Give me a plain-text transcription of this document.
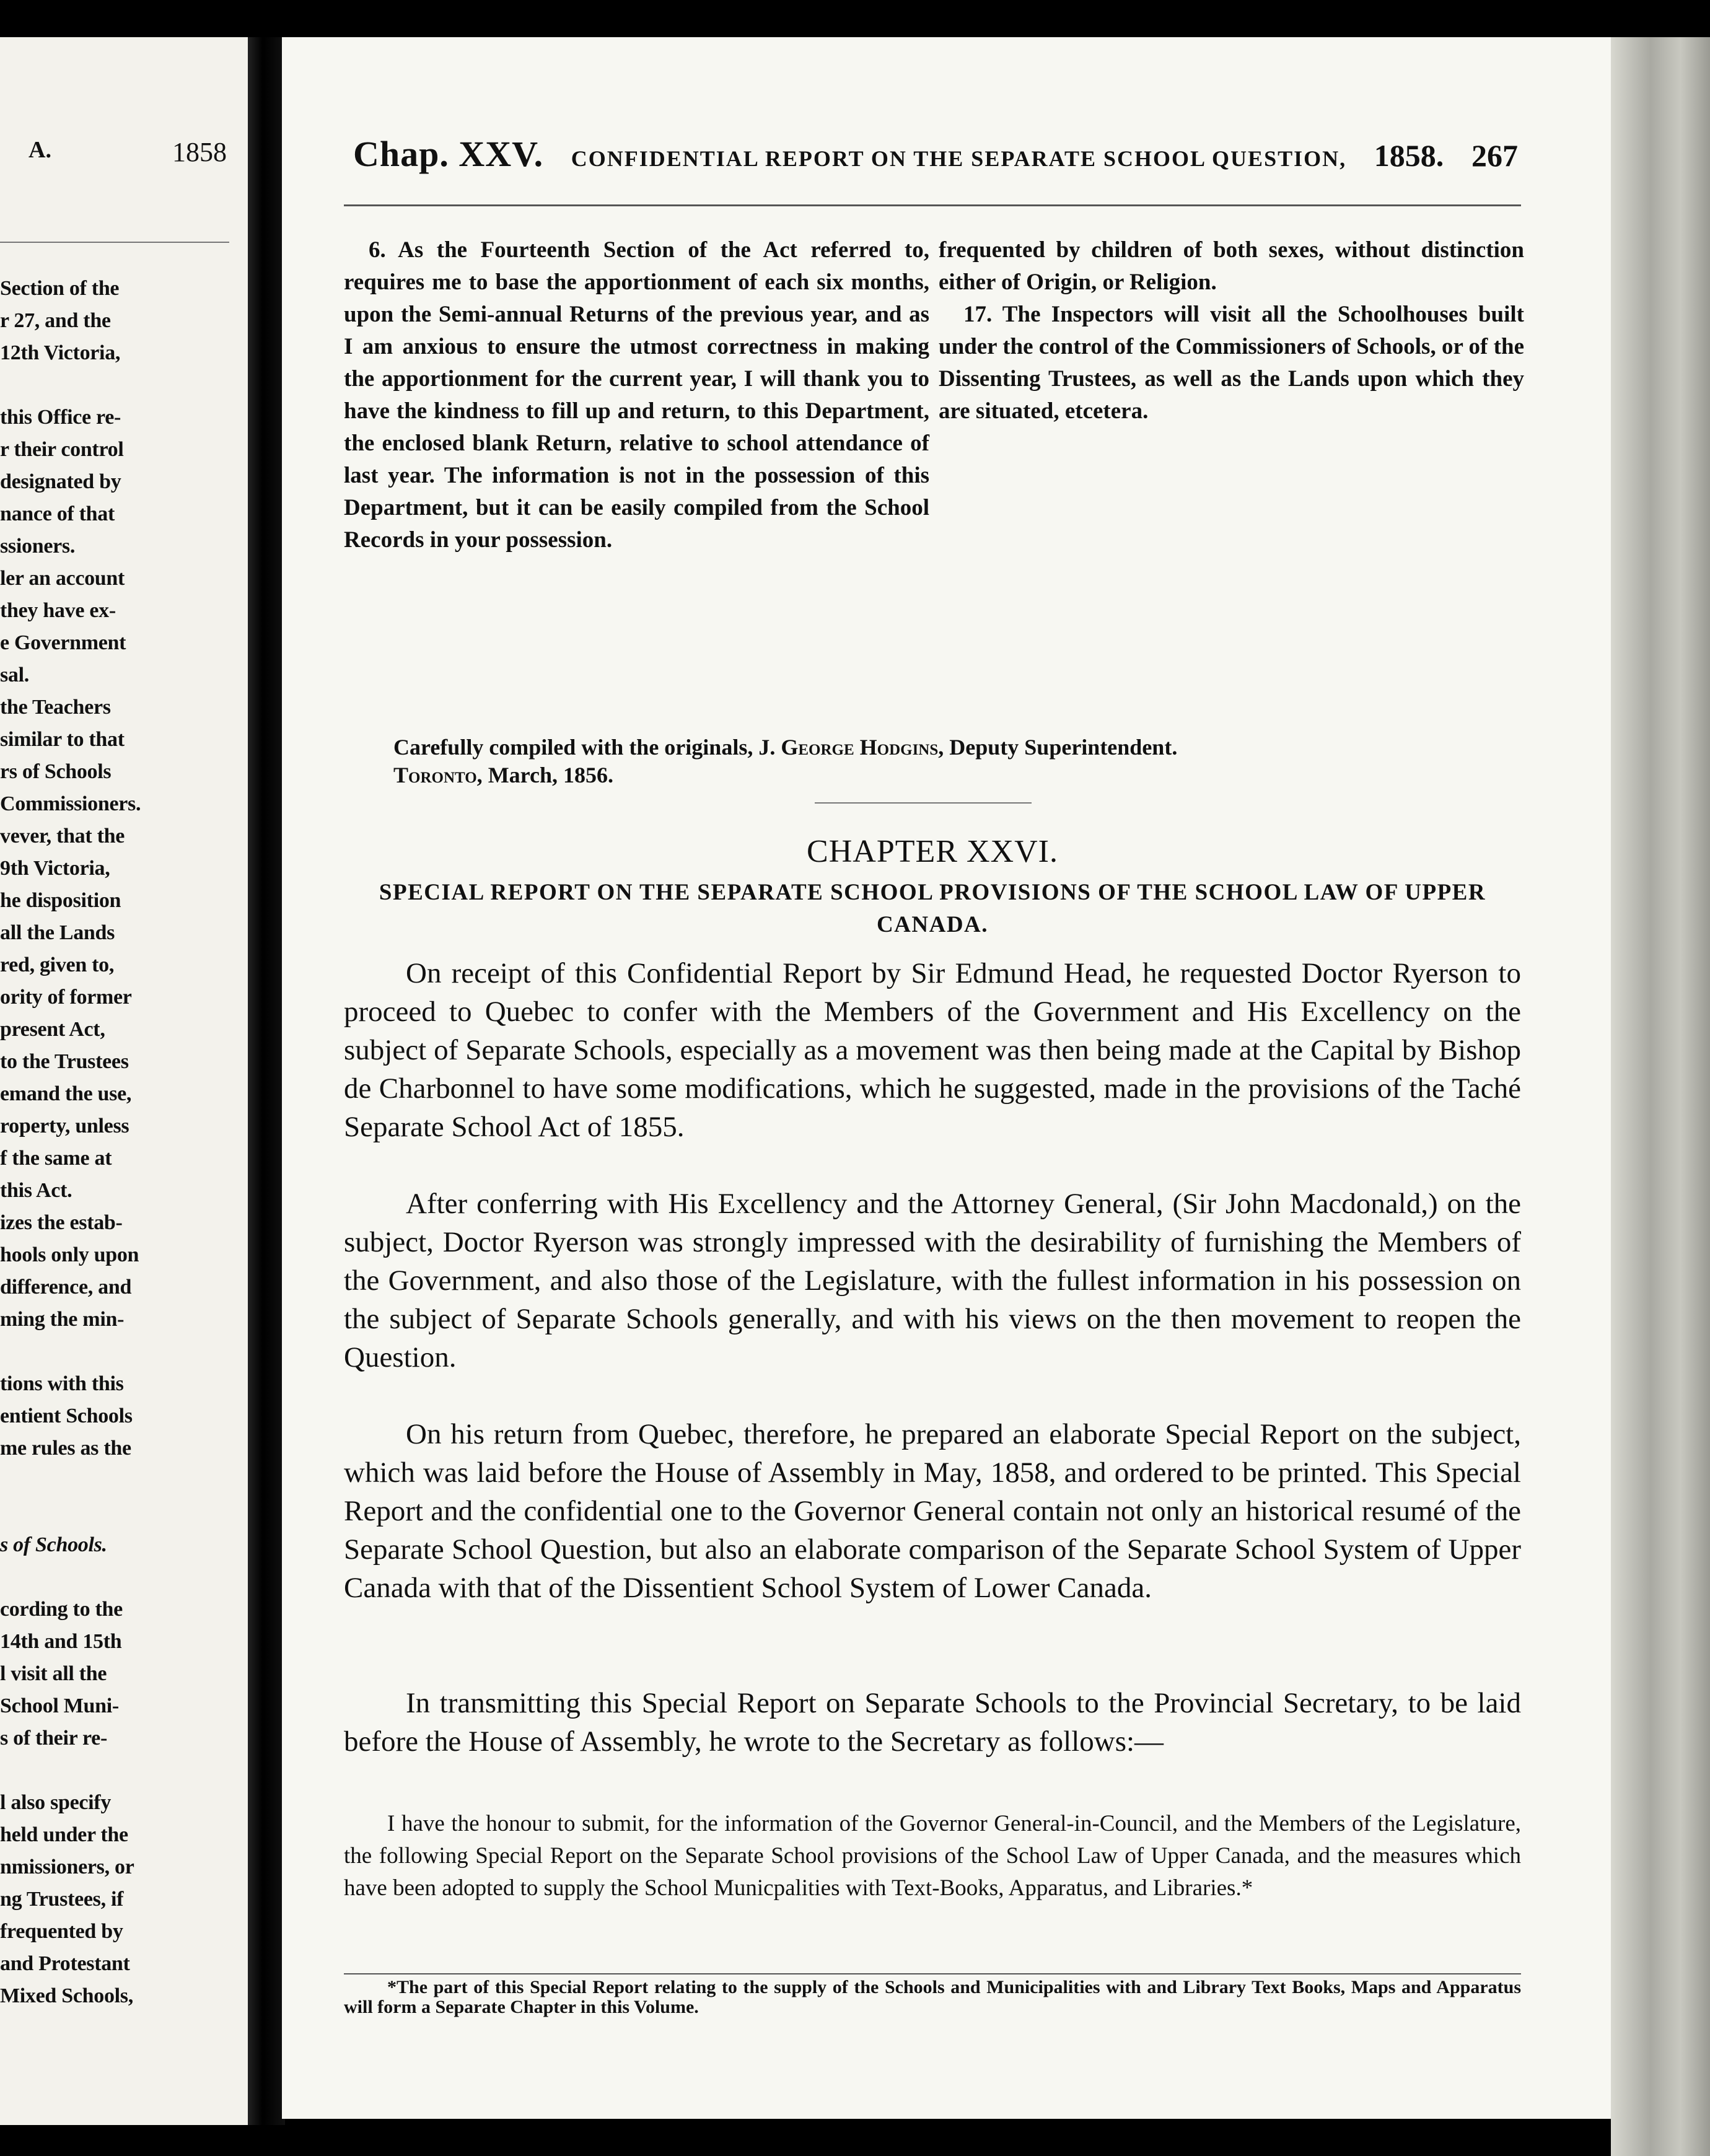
A.	1858
Section of the
r 27, and the
12th Victoria,
this Office re-
r their control
designated by
nance of that
ssioners.
ler an account
they have ex-
e Government
sal.
the Teachers
similar to that
rs of Schools
Commissioners.
vever, that the
9th Victoria,
he disposition
all the Lands
red, given to,
ority of former
present Act,
to the Trustees
emand the use,
roperty, unless
f the same at
this Act.
izes the estab-
hools only upon
difference, and
ming the min-
tions with this
entient Schools
me rules as the
s of Schools.
cording to the
14th and 15th
l visit all the
School Muni-
s of their re-
l also specify
held under the
nmissioners, or
ng Trustees, if
frequented by
and Protestant
Mixed Schools,
Chap. XXV. CONFIDENTIAL REPORT ON THE SEPARATE SCHOOL QUESTION, 1858. 267

6. As the Fourteenth Section of the Act referred to, requires me to base the apportionment of each six months, upon the Semi-annual Returns of the previous year, and as I am anxious to ensure the utmost correctness in making the apportionment for the current year, I will thank you to have the kindness to fill up and return, to this Department, the enclosed blank Return, relative to school attendance of last year. The information is not in the possession of this Department, but it can be easily compiled from the School Records in your possession.

frequented by children of both sexes, without distinction either of Origin, or Religion.

17. The Inspectors will visit all the Schoolhouses built under the control of the Commissioners of Schools, or of the Dissenting Trustees, as well as the Lands upon which they are situated, etcetera.

Carefully compiled with the originals, J. George Hodgins, Deputy Superintendent.
Toronto, March, 1856.
CHAPTER XXVI.
SPECIAL REPORT ON THE SEPARATE SCHOOL PROVISIONS OF THE SCHOOL LAW OF UPPER CANADA.

On receipt of this Confidential Report by Sir Edmund Head, he requested Doctor Ryerson to proceed to Quebec to confer with the Members of the Government and His Excellency on the subject of Separate Schools, especially as a movement was then being made at the Capital by Bishop de Charbonnel to have some modifications, which he suggested, made in the provisions of the Taché Separate School Act of 1855.

After conferring with His Excellency and the Attorney General, (Sir John Macdonald,) on the subject, Doctor Ryerson was strongly impressed with the desirability of furnishing the Members of the Government, and also those of the Legislature, with the fullest information in his possession on the subject of Separate Schools generally, and with his views on the then movement to reopen the Question.

On his return from Quebec, therefore, he prepared an elaborate Special Report on the subject, which was laid before the House of Assembly in May, 1858, and ordered to be printed. This Special Report and the confidential one to the Governor General contain not only an historical resumé of the Separate School Question, but also an elaborate comparison of the Separate School System of Upper Canada with that of the Dissentient School System of Lower Canada.

In transmitting this Special Report on Separate Schools to the Provincial Secretary, to be laid before the House of Assembly, he wrote to the Secretary as follows:—

I have the honour to submit, for the information of the Governor General-in-Council, and the Members of the Legislature, the following Special Report on the Separate School provisions of the School Law of Upper Canada, and the measures which have been adopted to supply the School Municpalities with Text-Books, Apparatus, and Libraries.*

*The part of this Special Report relating to the supply of the Schools and Municipalities with and Library Text Books, Maps and Apparatus will form a Separate Chapter in this Volume.
